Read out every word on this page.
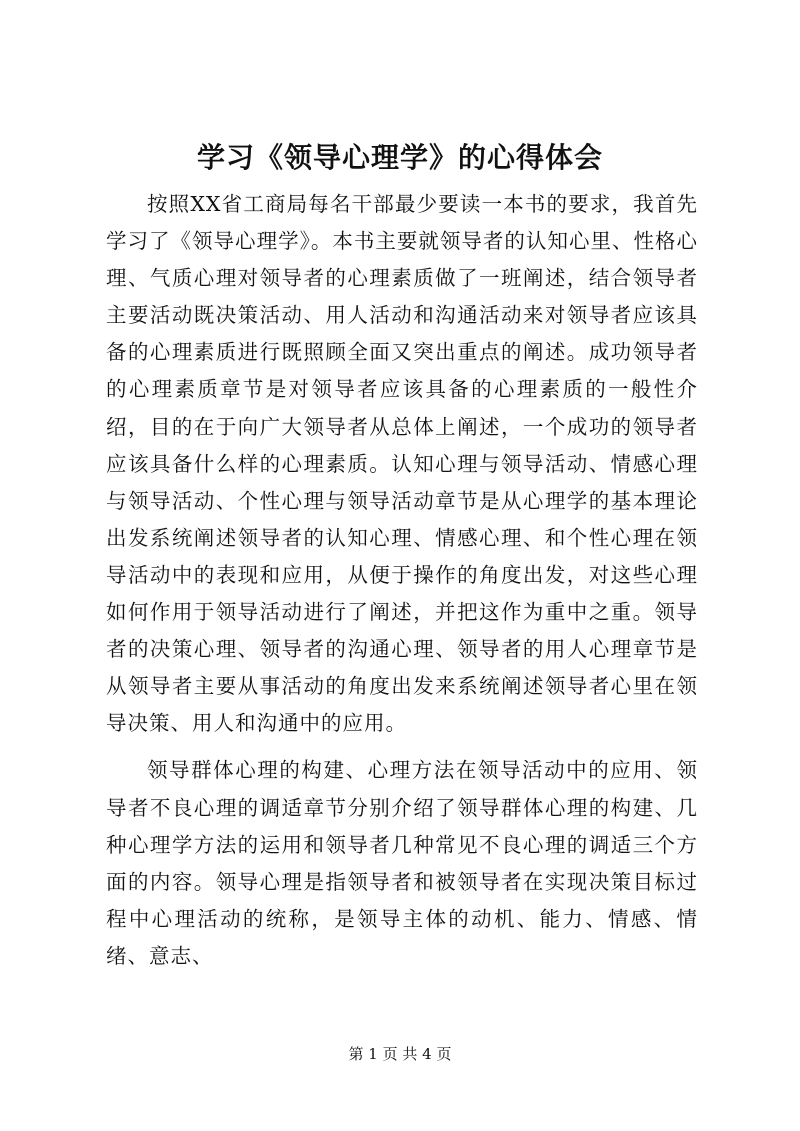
学习《领导心理学》的心得体会

按照XX省工商局每名干部最少要读一本书的要求，我首先学习了《领导心理学》。本书主要就领导者的认知心里、性格心理、气质心理对领导者的心理素质做了一班阐述，结合领导者主要活动既决策活动、用人活动和沟通活动来对领导者应该具备的心理素质进行既照顾全面又突出重点的阐述。成功领导者的心理素质章节是对领导者应该具备的心理素质的一般性介绍，目的在于向广大领导者从总体上阐述，一个成功的领导者应该具备什么样的心理素质。认知心理与领导活动、情感心理与领导活动、个性心理与领导活动章节是从心理学的基本理论出发系统阐述领导者的认知心理、情感心理、和个性心理在领导活动中的表现和应用，从便于操作的角度出发，对这些心理如何作用于领导活动进行了阐述，并把这作为重中之重。领导者的决策心理、领导者的沟通心理、领导者的用人心理章节是从领导者主要从事活动的角度出发来系统阐述领导者心里在领导决策、用人和沟通中的应用。

领导群体心理的构建、心理方法在领导活动中的应用、领导者不良心理的调适章节分别介绍了领导群体心理的构建、几种心理学方法的运用和领导者几种常见不良心理的调适三个方面的内容。领导心理是指领导者和被领导者在实现决策目标过程中心理活动的统称，是领导主体的动机、能力、情感、情绪、意志、

第 1 页 共 4 页
